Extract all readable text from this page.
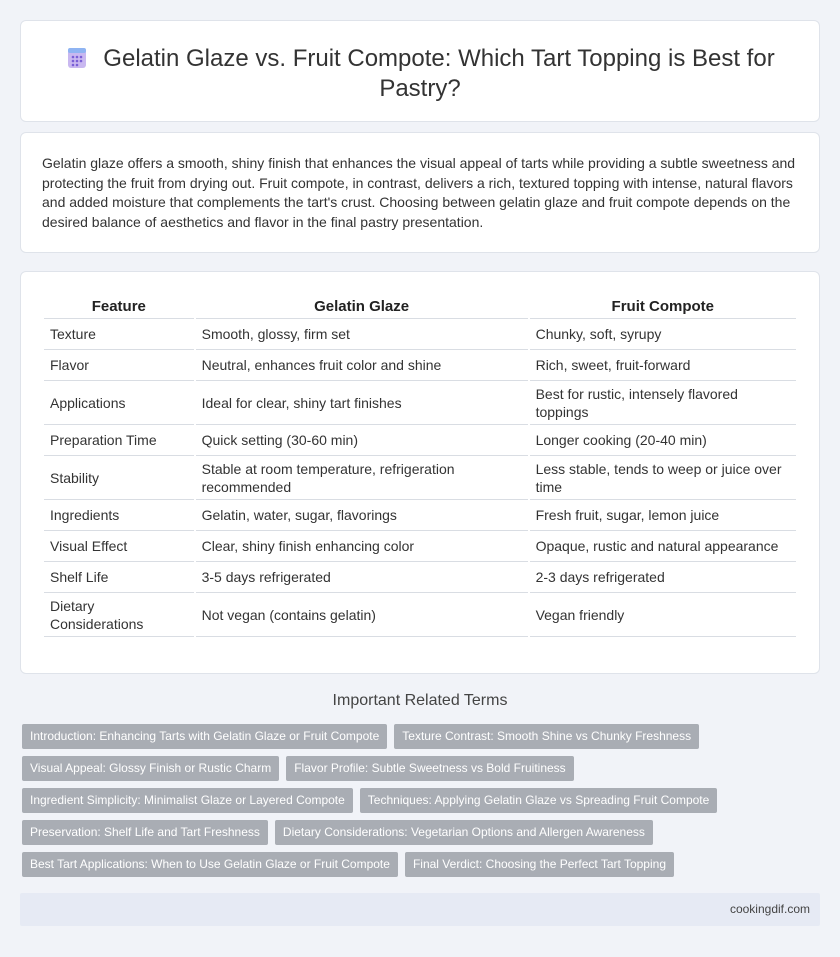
Gelatin Glaze vs. Fruit Compote: Which Tart Topping is Best for Pastry?

Gelatin glaze offers a smooth, shiny finish that enhances the visual appeal of tarts while providing a subtle sweetness and protecting the fruit from drying out. Fruit compote, in contrast, delivers a rich, textured topping with intense, natural flavors and added moisture that complements the tart's crust. Choosing between gelatin glaze and fruit compote depends on the desired balance of aesthetics and flavor in the final pastry presentation.

Feature	Gelatin Glaze	Fruit Compote
Texture	Smooth, glossy, firm set	Chunky, soft, syrupy
Flavor	Neutral, enhances fruit color and shine	Rich, sweet, fruit-forward
Applications	Ideal for clear, shiny tart finishes	Best for rustic, intensely flavored toppings
Preparation Time	Quick setting (30-60 min)	Longer cooking (20-40 min)
Stability	Stable at room temperature, refrigeration recommended	Less stable, tends to weep or juice over time
Ingredients	Gelatin, water, sugar, flavorings	Fresh fruit, sugar, lemon juice
Visual Effect	Clear, shiny finish enhancing color	Opaque, rustic and natural appearance
Shelf Life	3-5 days refrigerated	2-3 days refrigerated
Dietary Considerations	Not vegan (contains gelatin)	Vegan friendly
Important Related Terms
Introduction: Enhancing Tarts with Gelatin Glaze or Fruit Compote	Texture Contrast: Smooth Shine vs Chunky Freshness
Visual Appeal: Glossy Finish or Rustic Charm	Flavor Profile: Subtle Sweetness vs Bold Fruitiness
Ingredient Simplicity: Minimalist Glaze or Layered Compote	Techniques: Applying Gelatin Glaze vs Spreading Fruit Compote
Preservation: Shelf Life and Tart Freshness	Dietary Considerations: Vegetarian Options and Allergen Awareness
Best Tart Applications: When to Use Gelatin Glaze or Fruit Compote	Final Verdict: Choosing the Perfect Tart Topping
cookingdif.com
